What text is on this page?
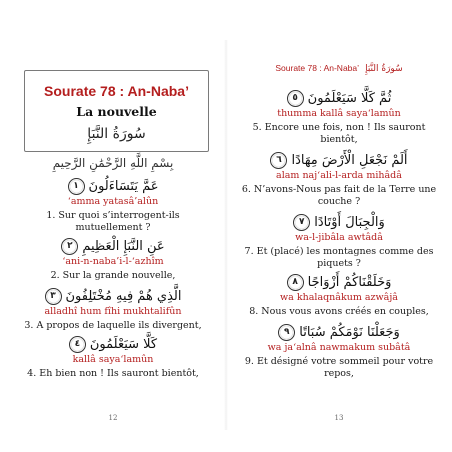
Sourate 78 : An-Naba’
La nouvelle
سُورَةُ النَّبَإِ
بِسْمِ اللَّهِ الرَّحْمَٰنِ الرَّحِيمِ
عَمَّ يَتَسَاءَلُونَ
١
‘amma yatasâ’alûn
1. Sur quoi s’interrogent-ils mutuellement ?
عَنِ النَّبَإِ الْعَظِيمِ
٢
‘ani-n-naba’i-l-‘azhîm
2. Sur la grande nouvelle,
الَّذِي هُمْ فِيهِ مُخْتَلِفُونَ
٣
alladhî hum fîhi mukhtalifûn
3. A propos de laquelle ils divergent,
كَلَّا سَيَعْلَمُونَ
٤
kallâ saya‘lamûn
4. Eh bien non ! Ils sauront bientôt,
12
Sourate 78 : An-Naba’ سُورَةُ النَّبَإِ
ثُمَّ كَلَّا سَيَعْلَمُونَ
٥
thumma kallâ saya‘lamûn
5. Encore une fois, non ! Ils sauront bientôt,
أَلَمْ نَجْعَلِ الْأَرْضَ مِهَادًا
٦
alam naj‘ali-l-arda mihâdâ
6. N’avons-Nous pas fait de la Terre une couche ?
وَالْجِبَالَ أَوْتَادًا
٧
wa-l-jibâla awtâdâ
7. Et (placé) les montagnes comme des piquets ?
وَخَلَقْنَاكُمْ أَزْوَاجًا
٨
wa khalaqnâkum azwâjâ
8. Nous vous avons créés en couples,
وَجَعَلْنَا نَوْمَكُمْ سُبَاتًا
٩
wa ja‘alnâ nawmakum subâtâ
9. Et désigné votre sommeil pour votre repos,
13
